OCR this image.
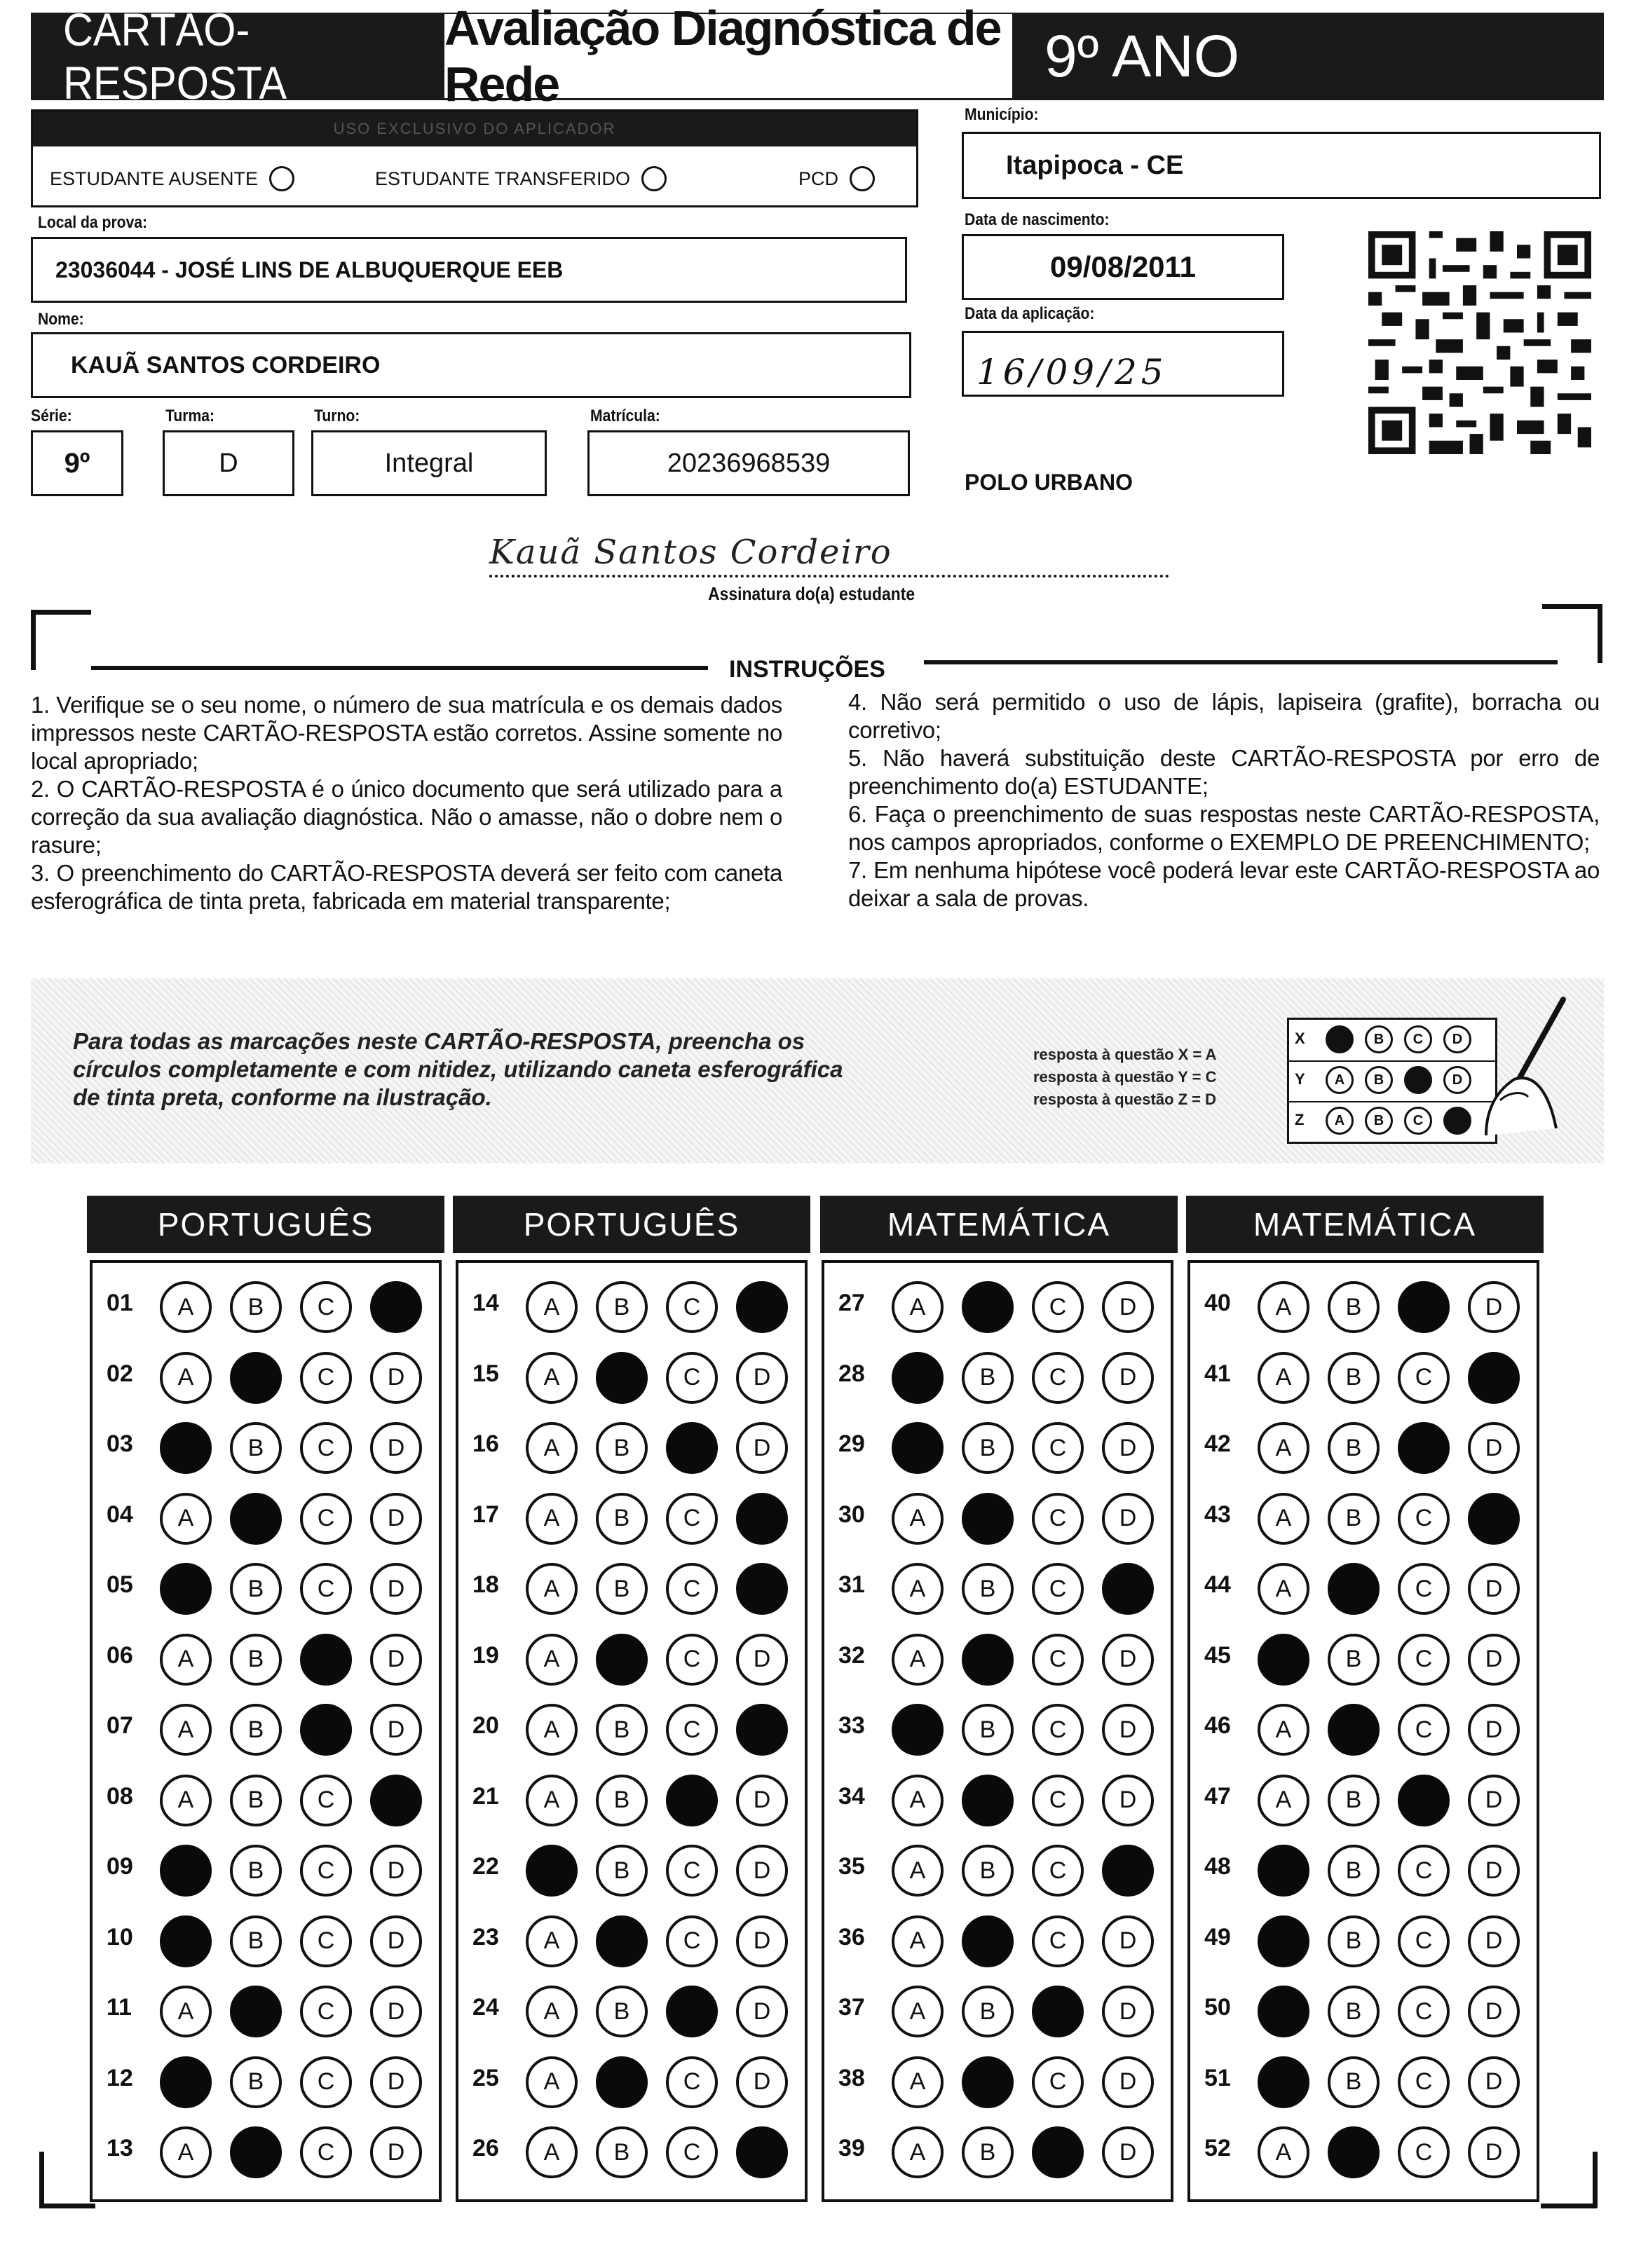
CARTÃO-RESPOSTA
Avaliação Diagnóstica de Rede	9º ANO
USO EXCLUSIVO DO APLICADOR
ESTUDANTE AUSENTE	ESTUDANTE TRANSFERIDO	PCD
Município:
Itapipoca - CE
Local da prova:
23036044 - JOSÉ LINS DE ALBUQUERQUE EEB
Data de nascimento:
09/08/2011
Nome:
KAUÃ SANTOS CORDEIRO
Data da aplicação:
16/09/25
Série:
9º
Turma:
D
Turno:
Integral
Matrícula:
20236968539
POLO URBANO
Kauã Santos Cordeiro
Assinatura do(a) estudante
INSTRUÇÕES

1. Verifique se o seu nome, o número de sua matrícula e os demais dados impressos neste CARTÃO-RESPOSTA estão corretos. Assine somente no local apropriado;

2. O CARTÃO-RESPOSTA é o único documento que será utilizado para a correção da sua avaliação diagnóstica. Não o amasse, não o dobre nem o rasure;

3. O preenchimento do CARTÃO-RESPOSTA deverá ser feito com caneta esferográfica de tinta preta, fabricada em material transparente;

4. Não será permitido o uso de lápis, lapiseira (grafite), borracha ou corretivo;

5. Não haverá substituição deste CARTÃO-RESPOSTA por erro de preenchimento do(a) ESTUDANTE;

6. Faça o preenchimento de suas respostas neste CARTÃO-RESPOSTA, nos campos apropriados, conforme o EXEMPLO DE PREENCHIMENTO;

7. Em nenhuma hipótese você poderá levar este CARTÃO-RESPOSTA ao deixar a sala de provas.

Para todas as marcações neste CARTÃO-RESPOSTA, preencha os círculos completamente e com nitidez, utilizando caneta esferográfica de tinta preta, conforme na ilustração.
resposta à questão X = A
resposta à questão Y = C
resposta à questão Z = D
X	B	C	D
Y	A	B	D
Z	A	B	C
PORTUGUÊS	PORTUGUÊS	MATEMÁTICA	MATEMÁTICA
01	A	B	C	D
02	A	B	C	D
03	A	B	C	D
04	A	B	C	D
05	A	B	C	D
06	A	B	C	D
07	A	B	C	D
08	A	B	C	D
09	A	B	C	D
10	A	B	C	D
11	A	B	C	D
12	A	B	C	D
13	A	B	C	D
14	A	B	C	D
15	A	B	C	D
16	A	B	C	D
17	A	B	C	D
18	A	B	C	D
19	A	B	C	D
20	A	B	C	D
21	A	B	C	D
22	A	B	C	D
23	A	B	C	D
24	A	B	C	D
25	A	B	C	D
26	A	B	C	D
27	A	B	C	D
28	A	B	C	D
29	A	B	C	D
30	A	B	C	D
31	A	B	C	D
32	A	B	C	D
33	A	B	C	D
34	A	B	C	D
35	A	B	C	D
36	A	B	C	D
37	A	B	C	D
38	A	B	C	D
39	A	B	C	D
40	A	B	C	D
41	A	B	C	D
42	A	B	C	D
43	A	B	C	D
44	A	B	C	D
45	A	B	C	D
46	A	B	C	D
47	A	B	C	D
48	A	B	C	D
49	A	B	C	D
50	A	B	C	D
51	A	B	C	D
52	A	B	C	D
